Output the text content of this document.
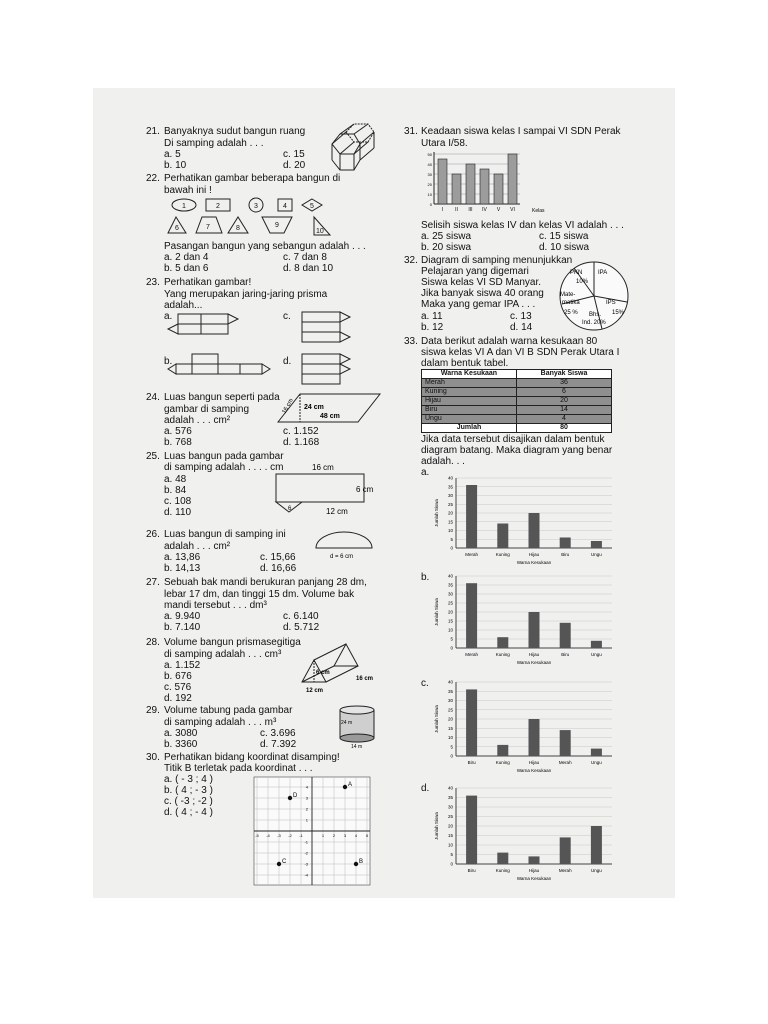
21. Banyaknya sudut bangun ruang
Di samping adalah . . .
a. 5
b. 10
c. 15
d. 20
22. Perhatikan gambar beberapa bangun di
bawah ini !
1	2	3	4	5
6	7	8	9
10
Pasangan bangun yang sebangun adalah . . .
a. 2 dan 4
b. 5 dan 6
c. 7 dan 8
d. 8 dan 10
23. Perhatikan gambar!
Yang merupakan jaring-jaring prisma
adalah...
a.	c.
b.	d.
24. Luas bangun seperti pada
gambar di samping
adalah . . . cm²
a. 576
b. 768
c. 1.152
d. 1.168
16 cm 24 cm
48 cm
25. Luas bangun pada gambar
di samping adalah . . . . cm
a. 48
b. 84
c. 108
d. 110
16 cm
6 cm
12 cm
6
26. Luas bangun di samping ini
adalah . . . cm²
a. 13,86
b. 14,13
c. 15,66
d. 16,66
d = 6 cm
27. Sebuah bak mandi berukuran panjang 28 dm,
lebar 17 dm, dan tinggi 15 dm. Volume bak
mandi tersebut . . . dm³
a. 9.940
b. 7.140
c. 6.140
d. 5.712
28. Volume bangun prismasegitiga
di samping adalah . . . cm³
a. 1.152
b. 676
c. 576
d. 192
6 cm
16 cm
12 cm
29. Volume tabung pada gambar
di samping adalah . . . m³
a. 3080
b. 3360
c. 3.696
d. 7.392
24 m
14 m
30. Perhatikan bidang koordinat disamping!
Titik B terletak pada koordinat . . .
a. ( - 3 ; 4 )
b. ( 4 ; - 3 )
c. ( -3 ; -2 )
d. ( 4 ; - 4 )
-5 -4 -3 -2 -1	1 2 3 4 5
-4
-3
-2
-1
1
2
3
4	A
B
C
D
31. Keadaan siswa kelas I sampai VI SDN Perak
Utara I/58.
0
10
20
30
40
50
I II III IV V VI	Kelas
Selisih siswa kelas IV dan kelas VI adalah . . .
a. 25 siswa
b. 20 siswa
c. 15 siswa
d. 10 siswa
32. Diagram di samping menunjukkan
Pelajaran yang digemari
Siswa kelas VI SD Manyar.
Jika banyak siswa 40 orang
Maka yang gemar IPA . . .
a. 11
b. 12
c. 13
d. 14
PKN
10%
IPA
Mate-
matika
25 %
IPS
15%
Bhs.
Ind. 20%
33. Data berikut adalah warna kesukaan 80
siswa kelas VI A dan VI B SDN Perak Utara I
dalam bentuk tabel.
Warna Kesukaan	Banyak Siswa
Merah	36
Kuning	6
Hijau	20
Biru	14
Ungu	4
Jumlah	80
Jika data tersebut disajikan dalam bentuk
diagram batang. Maka diagram yang benar
adalah. . .
a.
0
5
10
15
20
25
30
35
40
Merah	Kuning	Hijau	Biru	Ungu
Warna Kesukaan
Jumlah Siswa
b.
0
5
10
15
20
25
30
35
40
Merah	Kuning	Hijau	Biru	Ungu
Warna Kesukaan
Jumlah Siswa
c.
0
5
10
15
20
25
30
35
40
Biru	Kuning	Hijau	Merah	Ungu
Warna Kesukaan
Jumlah Siswa
d.
0
5
10
15
20
25
30
35
40
Biru	Kuning	Hijau	Merah	Ungu
Warna Kesukaan
Jumlah Siswa
